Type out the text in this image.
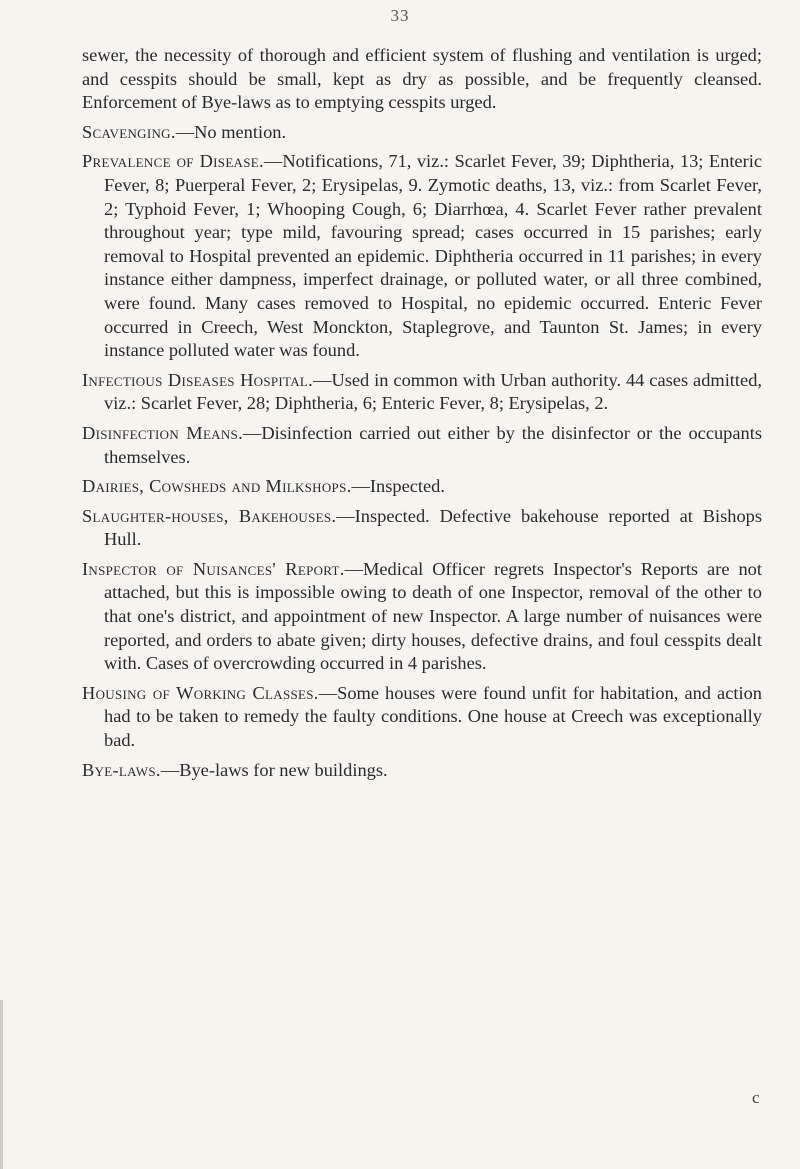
33

sewer, the necessity of thorough and efficient system of flushing and ventilation is urged; and cesspits should be small, kept as dry as possible, and be frequently cleansed. Enforcement of Bye-laws as to emptying cesspits urged.

Scavenging.—No mention.

Prevalence of Disease.—Notifications, 71, viz.: Scarlet Fever, 39; Diphtheria, 13; Enteric Fever, 8; Puerperal Fever, 2; Erysipelas, 9. Zymotic deaths, 13, viz.: from Scarlet Fever, 2; Typhoid Fever, 1; Whooping Cough, 6; Diarrhœa, 4. Scarlet Fever rather prevalent throughout year; type mild, favouring spread; cases occurred in 15 parishes; early removal to Hospital prevented an epidemic. Diphtheria occurred in 11 parishes; in every instance either dampness, imperfect drainage, or polluted water, or all three combined, were found. Many cases removed to Hospital, no epidemic occurred. Enteric Fever occurred in Creech, West Monckton, Staplegrove, and Taunton St. James; in every instance polluted water was found.

Infectious Diseases Hospital.—Used in common with Urban authority. 44 cases admitted, viz.: Scarlet Fever, 28; Diphtheria, 6; Enteric Fever, 8; Erysipelas, 2.

Disinfection Means.—Disinfection carried out either by the disinfector or the occupants themselves.

Dairies, Cowsheds and Milkshops.—Inspected.

Slaughter-houses, Bakehouses.—Inspected. Defective bakehouse reported at Bishops Hull.

Inspector of Nuisances' Report.—Medical Officer regrets Inspector's Reports are not attached, but this is impossible owing to death of one Inspector, removal of the other to that one's district, and appointment of new Inspector. A large number of nuisances were reported, and orders to abate given; dirty houses, defective drains, and foul cesspits dealt with. Cases of overcrowding occurred in 4 parishes.

Housing of Working Classes.—Some houses were found unfit for habitation, and action had to be taken to remedy the faulty conditions. One house at Creech was exceptionally bad.

Bye-laws.—Bye-laws for new buildings.

c
